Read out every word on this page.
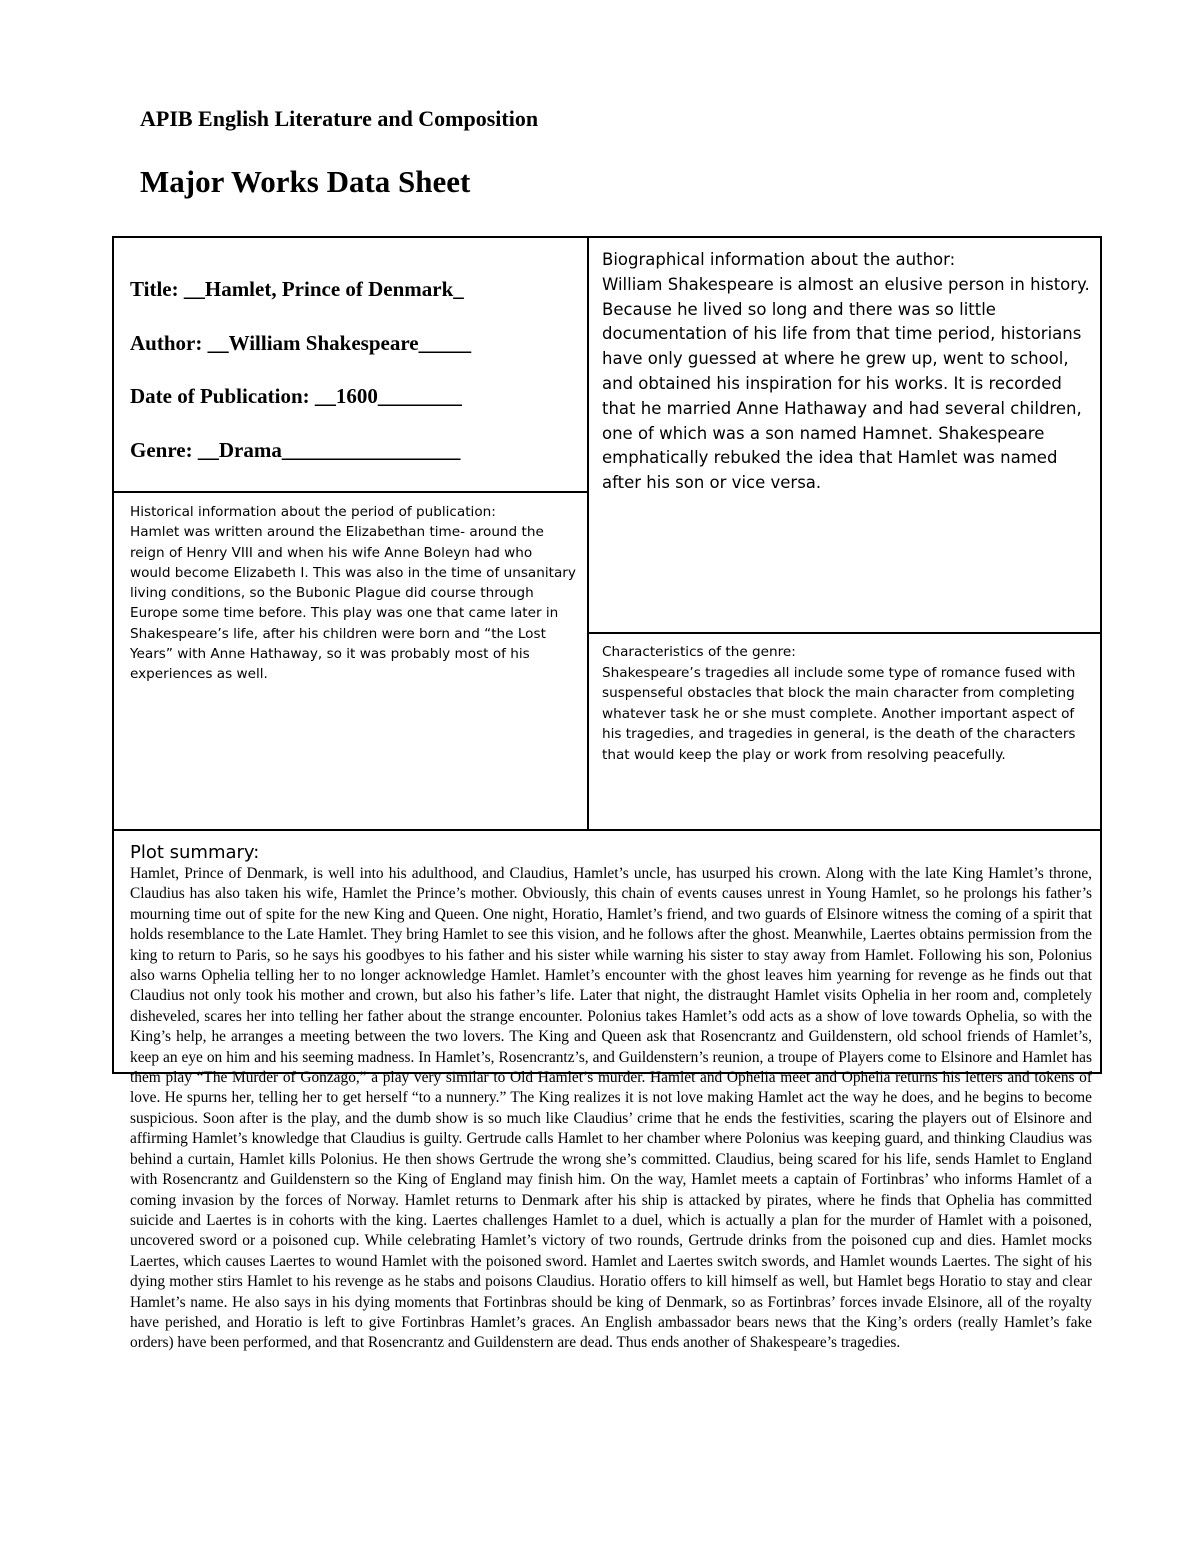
APIB English Literature and Composition
Major Works Data Sheet

Title: __Hamlet, Prince of Denmark_

Author: __William Shakespeare_____

Date of Publication: __1600________

Genre: __Drama_________________

Biographical information about the author:

William Shakespeare is almost an elusive person in history. Because he lived so long and there was so little documentation of his life from that time period, historians have only guessed at where he grew up, went to school, and obtained his inspiration for his works. It is recorded that he married Anne Hathaway and had several children, one of which was a son named Hamnet. Shakespeare emphatically rebuked the idea that Hamlet was named after his son or vice versa.

Historical information about the period of publication:

Hamlet was written around the Elizabethan time- around the reign of Henry VIII and when his wife Anne Boleyn had who would become Elizabeth I. This was also in the time of unsanitary living conditions, so the Bubonic Plague did course through Europe some time before. This play was one that came later in Shakespeare’s life, after his children were born and “the Lost Years” with Anne Hathaway, so it was probably most of his experiences as well.

Characteristics of the genre:

Shakespeare’s tragedies all include some type of romance fused with suspenseful obstacles that block the main character from completing whatever task he or she must complete. Another important aspect of his tragedies, and tragedies in general, is the death of the characters that would keep the play or work from resolving peacefully.

Plot summary:

Hamlet, Prince of Denmark, is well into his adulthood, and Claudius, Hamlet’s uncle, has usurped his crown. Along with the late King Hamlet’s throne, Claudius has also taken his wife, Hamlet the Prince’s mother. Obviously, this chain of events causes unrest in Young Hamlet, so he prolongs his father’s mourning time out of spite for the new King and Queen. One night, Horatio, Hamlet’s friend, and two guards of Elsinore witness the coming of a spirit that holds resemblance to the Late Hamlet. They bring Hamlet to see this vision, and he follows after the ghost. Meanwhile, Laertes obtains permission from the king to return to Paris, so he says his goodbyes to his father and his sister while warning his sister to stay away from Hamlet. Following his son, Polonius also warns Ophelia telling her to no longer acknowledge Hamlet. Hamlet’s encounter with the ghost leaves him yearning for revenge as he finds out that Claudius not only took his mother and crown, but also his father’s life. Later that night, the distraught Hamlet visits Ophelia in her room and, completely disheveled, scares her into telling her father about the strange encounter. Polonius takes Hamlet’s odd acts as a show of love towards Ophelia, so with the King’s help, he arranges a meeting between the two lovers. The King and Queen ask that Rosencrantz and Guildenstern, old school friends of Hamlet’s, keep an eye on him and his seeming madness. In Hamlet’s, Rosencrantz’s, and Guildenstern’s reunion, a troupe of Players come to Elsinore and Hamlet has them play “The Murder of Gonzago,” a play very similar to Old Hamlet’s murder. Hamlet and Ophelia meet and Ophelia returns his letters and tokens of love. He spurns her, telling her to get herself “to a nunnery.” The King realizes it is not love making Hamlet act the way he does, and he begins to become suspicious. Soon after is the play, and the dumb show is so much like Claudius’ crime that he ends the festivities, scaring the players out of Elsinore and affirming Hamlet’s knowledge that Claudius is guilty. Gertrude calls Hamlet to her chamber where Polonius was keeping guard, and thinking Claudius was behind a curtain, Hamlet kills Polonius. He then shows Gertrude the wrong she’s committed. Claudius, being scared for his life, sends Hamlet to England with Rosencrantz and Guildenstern so the King of England may finish him. On the way, Hamlet meets a captain of Fortinbras’ who informs Hamlet of a coming invasion by the forces of Norway. Hamlet returns to Denmark after his ship is attacked by pirates, where he finds that Ophelia has committed suicide and Laertes is in cohorts with the king. Laertes challenges Hamlet to a duel, which is actually a plan for the murder of Hamlet with a poisoned, uncovered sword or a poisoned cup. While celebrating Hamlet’s victory of two rounds, Gertrude drinks from the poisoned cup and dies. Hamlet mocks Laertes, which causes Laertes to wound Hamlet with the poisoned sword. Hamlet and Laertes switch swords, and Hamlet wounds Laertes. The sight of his dying mother stirs Hamlet to his revenge as he stabs and poisons Claudius. Horatio offers to kill himself as well, but Hamlet begs Horatio to stay and clear Hamlet’s name. He also says in his dying moments that Fortinbras should be king of Denmark, so as Fortinbras’ forces invade Elsinore, all of the royalty have perished, and Horatio is left to give Fortinbras Hamlet’s graces. An English ambassador bears news that the King’s orders (really Hamlet’s fake orders) have been performed, and that Rosencrantz and Guildenstern are dead. Thus ends another of Shakespeare’s tragedies.
